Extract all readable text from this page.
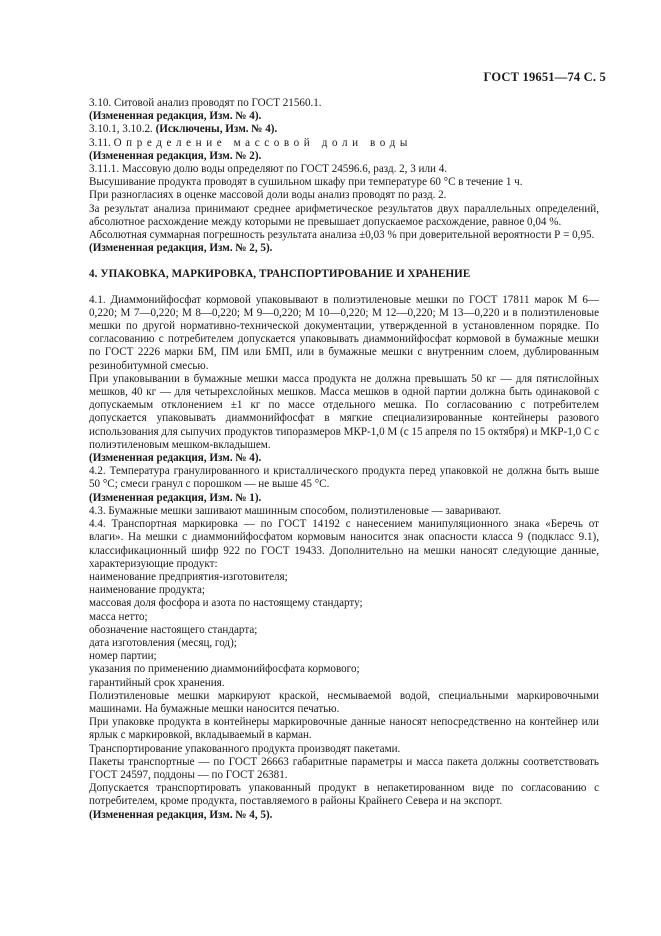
ГОСТ 19651—74 С. 5

3.10. Ситовой анализ проводят по ГОСТ 21560.1.

(Измененная редакция, Изм. № 4).

3.10.1, 3.10.2. (Исключены, Изм. № 4).

3.11. Определение массовой доли воды

(Измененная редакция, Изм. № 2).

3.11.1. Массовую долю воды определяют по ГОСТ 24596.6, разд. 2, 3 или 4.

Высушивание продукта проводят в сушильном шкафу при температуре 60 °С в течение 1 ч.

При разногласиях в оценке массовой доли воды анализ проводят по разд. 2.

За результат анализа принимают среднее арифметическое результатов двух параллельных определений, абсолютное расхождение между которыми не превышает допускаемое расхождение, равное 0,04 %.

Абсолютная суммарная погрешность результата анализа ±0,03 % при доверительной вероятности Р = 0,95.

(Измененная редакция, Изм. № 2, 5).

4. УПАКОВКА, МАРКИРОВКА, ТРАНСПОРТИРОВАНИЕ И ХРАНЕНИЕ

4.1. Диаммонийфосфат кормовой упаковывают в полиэтиленовые мешки по ГОСТ 17811 марок М 6—0,220; М 7—0,220; М 8—0,220; М 9—0,220; М 10—0,220; М 12—0,220; М 13—0,220 и в полиэтиленовые мешки по другой нормативно-технической документации, утвержденной в установленном порядке. По согласованию с потребителем допускается упаковывать диаммонийфосфат кормовой в бумажные мешки по ГОСТ 2226 марки БМ, ПМ или БМП, или в бумажные мешки с внутренним слоем, дублированным резинобитумной смесью.

При упаковывании в бумажные мешки масса продукта не должна превышать 50 кг — для пятислойных мешков, 40 кг — для четырехслойных мешков. Масса мешков в одной партии должна быть одинаковой с допускаемым отклонением ±1 кг по массе отдельного мешка. По согласованию с потребителем допускается упаковывать диаммонийфосфат в мягкие специализированные контейнеры разового использования для сыпучих продуктов типоразмеров МКР-1,0 М (с 15 апреля по 15 октября) и МКР-1,0 С с полиэтиленовым мешком-вкладышем.

(Измененная редакция, Изм. № 4).

4.2. Температура гранулированного и кристаллического продукта перед упаковкой не должна быть выше 50 °С; смеси гранул с порошком — не выше 45 °С.

(Измененная редакция, Изм. № 1).

4.3. Бумажные мешки зашивают машинным способом, полиэтиленовые — заваривают.

4.4. Транспортная маркировка — по ГОСТ 14192 с нанесением манипуляционного знака «Беречь от влаги». На мешки с диаммонийфосфатом кормовым наносится знак опасности класса 9 (подкласс 9.1), классификационный шифр 922 по ГОСТ 19433. Дополнительно на мешки наносят следующие данные, характеризующие продукт:

наименование предприятия-изготовителя;

наименование продукта;

массовая доля фосфора и азота по настоящему стандарту;

масса нетто;

обозначение настоящего стандарта;

дата изготовления (месяц, год);

номер партии;

указания по применению диаммонийфосфата кормового;

гарантийный срок хранения.

Полиэтиленовые мешки маркируют краской, несмываемой водой, специальными маркировочными машинами. На бумажные мешки наносится печатью.

При упаковке продукта в контейнеры маркировочные данные наносят непосредственно на контейнер или ярлык с маркировкой, вкладываемый в карман.

Транспортирование упакованного продукта производят пакетами.

Пакеты транспортные — по ГОСТ 26663 габаритные параметры и масса пакета должны соответствовать ГОСТ 24597, поддоны — по ГОСТ 26381.

Допускается транспортировать упакованный продукт в непакетированном виде по согласованию с потребителем, кроме продукта, поставляемого в районы Крайнего Севера и на экспорт.

(Измененная редакция, Изм. № 4, 5).
